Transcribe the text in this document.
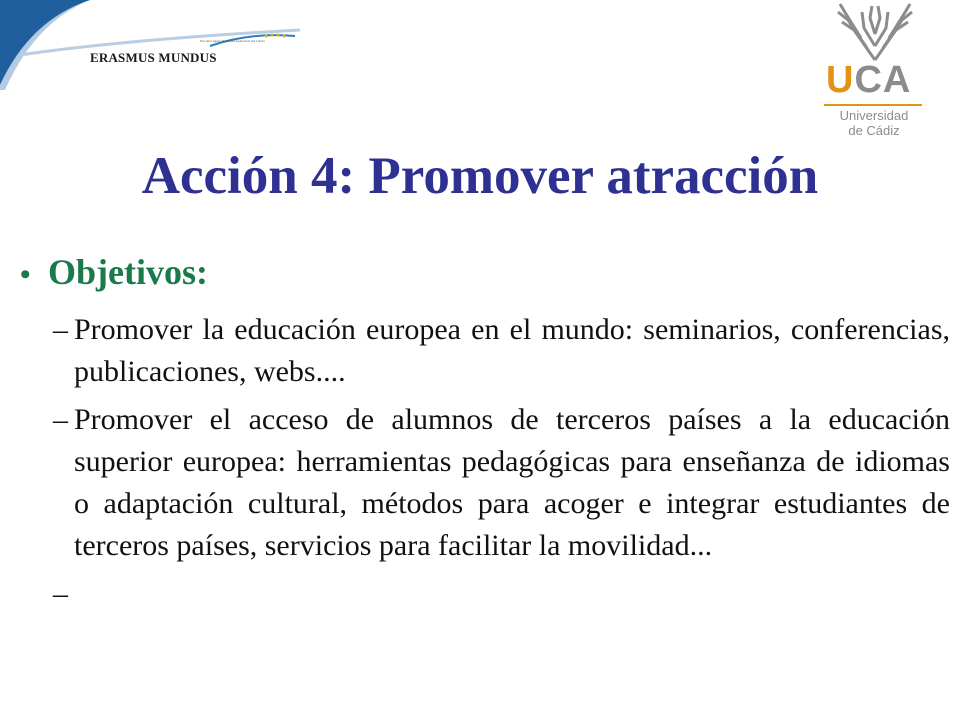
ERASMUS MUNDUS
Executive Agency Education Audiovisual and Culture
UCA
Universidad
de Cádiz
Acción 4: Promover atracción
• Objetivos:
– Promover la educación europea en el mundo: seminarios, conferencias, publicaciones, webs....
– Promover el acceso de alumnos de terceros países a la educación superior europea: herramientas pedagógicas para enseñanza de idiomas o adaptación cultural, métodos para acoger e integrar estudiantes de terceros países, servicios para facilitar la movilidad...
–
